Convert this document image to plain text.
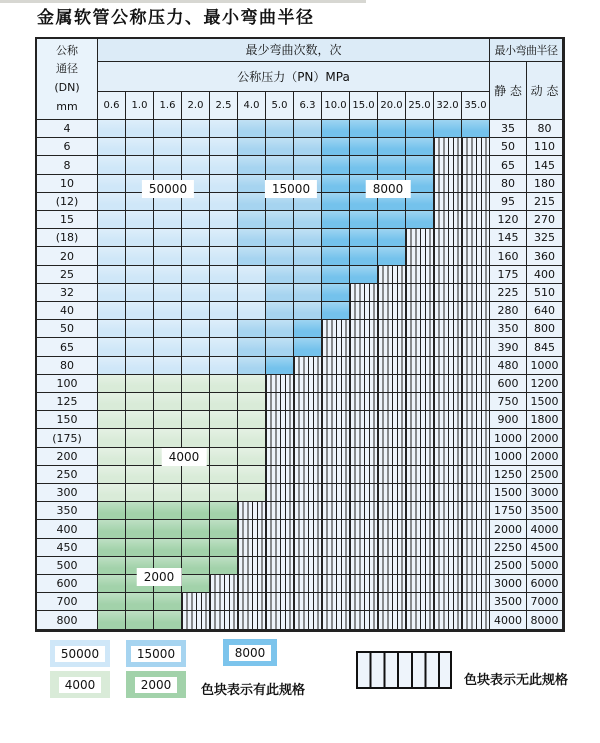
金属软管公称压力、最小弯曲半径
公称
通径
(DN)
mm
最少弯曲次数，次	最小弯曲半径
公称压力（PN）MPa
静 态 动 态
0.6	1.0	1.6	2.0	2.5	4.0	5.0	6.3 10.0 15.0 20.0 25.0 32.0 35.0
4	35	80
6	50	110
8	65	145
10	80	180
(12)	95	215
15	120	270
(18)	145	325
20	160	360
25	175	400
32	225	510
40	280	640
50	350	800
65	390	845
80	480	1000
100	600	1200
125	750	1500
150	900	1800
(175)	1000 2000
200	1000 2000
250	1250 2500
300	1500 3000
350	1750 3500
400	2000 4000
450	2250 4500
500	2500 5000
600	3000 6000
700	3500 7000
800	4000 8000
50000	15000	8000
4000
2000
50000	15000	8000
4000	2000	色块表示有此规格
色块表示无此规格
